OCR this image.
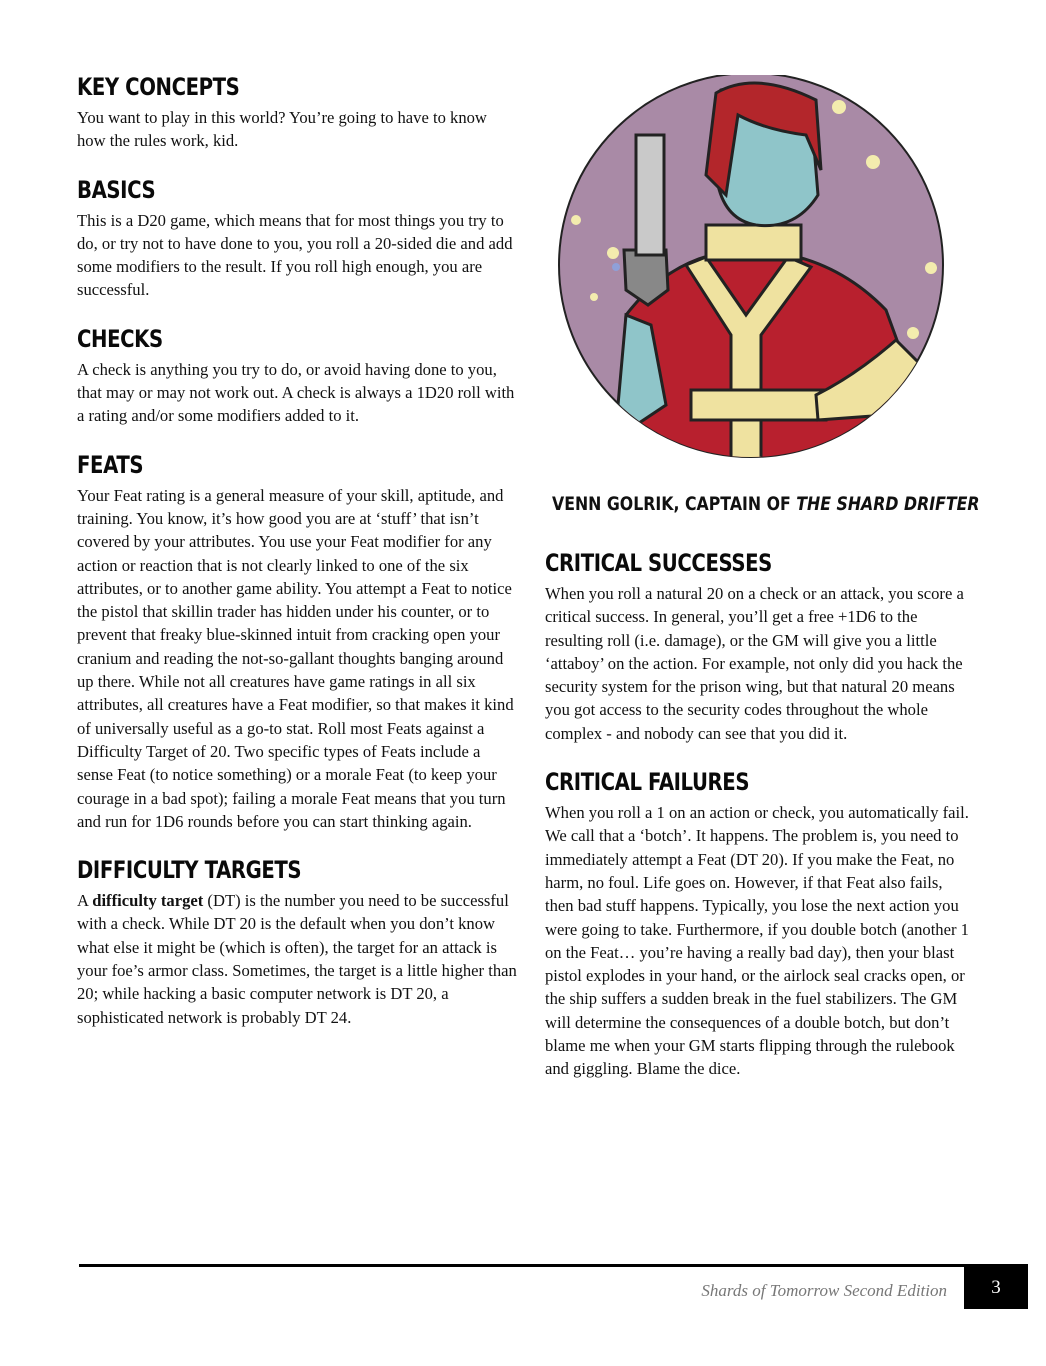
KEY CONCEPTS

You want to play in this world? You’re going to have to know how the rules work, kid.

BASICS

This is a D20 game, which means that for most things you try to do, or try not to have done to you, you roll a 20-sided die and add some modifiers to the result. If you roll high enough, you are successful.

CHECKS

A check is anything you try to do, or avoid having done to you, that may or may not work out. A check is always a 1D20 roll with a rating and/or some modifiers added to it.

FEATS

Your Feat rating is a general measure of your skill, aptitude, and training. You know, it’s how good you are at ‘stuff’ that isn’t covered by your attributes. You use your Feat modifier for any action or reaction that is not clearly linked to one of the six attributes, or to another game ability. You attempt a Feat to notice the pistol that skillin trader has hidden under his counter, or to prevent that freaky blue-skinned intuit from cracking open your cranium and reading the not-so-gallant thoughts banging around up there. While not all creatures have game ratings in all six attributes, all creatures have a Feat modifier, so that makes it kind of universally useful as a go-to stat. Roll most Feats against a Difficulty Target of 20. Two specific types of Feats include a sense Feat (to notice something) or a morale Feat (to keep your courage in a bad spot); failing a morale Feat means that you turn and run for 1D6 rounds before you can start thinking again.

DIFFICULTY TARGETS

A difficulty target (DT) is the number you need to be successful with a check. While DT 20 is the default when you don’t know what else it might be (which is often), the target for an attack is your foe’s armor class. Sometimes, the target is a little higher than 20; while hacking a basic computer network is DT 20, a sophisticated network is probably DT 24.

VENN GOLRIK, CAPTAIN OF THE SHARD DRIFTER
CRITICAL SUCCESSES

When you roll a natural 20 on a check or an attack, you score a critical success. In general, you’ll get a free +1D6 to the resulting roll (i.e. damage), or the GM will give you a little ‘attaboy’ on the action. For example, not only did you hack the security system for the prison wing, but that natural 20 means you got access to the security codes throughout the whole complex - and nobody can see that you did it.

CRITICAL FAILURES

When you roll a 1 on an action or check, you automatically fail. We call that a ‘botch’. It happens. The problem is, you need to immediately attempt a Feat (DT 20). If you make the Feat, no harm, no foul. Life goes on. However, if that Feat also fails, then bad stuff happens. Typically, you lose the next action you were going to take. Furthermore, if you double botch (another 1 on the Feat… you’re having a really bad day), then your blast pistol explodes in your hand, or the airlock seal cracks open, or the ship suffers a sudden break in the fuel stabilizers. The GM will determine the consequences of a double botch, but don’t blame me when your GM starts flipping through the rulebook and giggling. Blame the dice.

Shards of Tomorrow Second Edition	3
